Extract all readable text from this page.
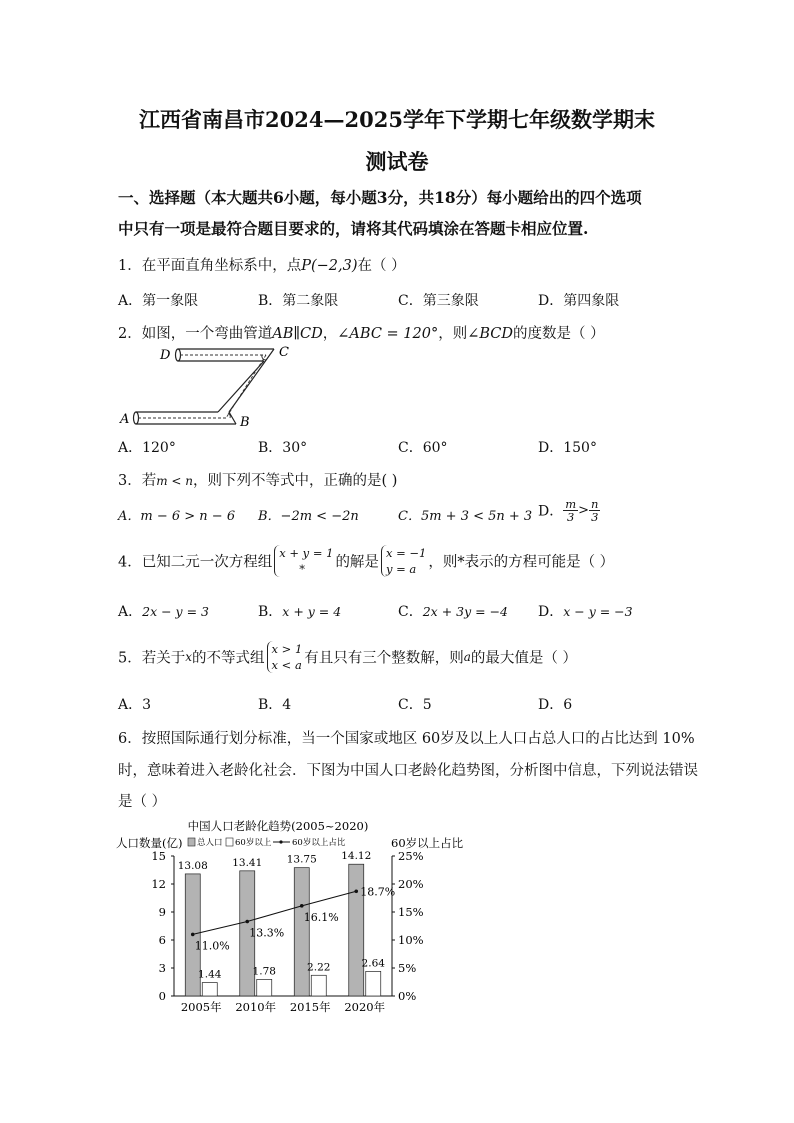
江西省南昌市2024—2025学年下学期七年级数学期末
测试卷
一、选择题（本大题共6小题，每小题3分，共18分）每小题给出的四个选项
中只有一项是最符合题目要求的，请将其代码填涂在答题卡相应位置.
1．在平面直角坐标系中，点P(−2,3)在（ ）
A．第一象限	B．第二象限	C．第三象限	D．第四象限
2．如图，一个弯曲管道AB∥CD，∠ABC = 120°，则∠BCD的度数是（ ）
D	C
A	B
A．120°	B．30°	C．60°	D．150°
3．若m < n，则下列不等式中，正确的是( )
A．m − 6 > n − 6 B．−2m < −2n	C．5m + 3 < 5n + 3 D． $\frac{m}{3} > \frac{n}{3}$
4．已知二元一次方程组
x + y = 1
*	的解是
x = −1
y = a ，则*表示的方程可能是（ ）
A．2x − y = 3	B．x + y = 4	C．2x + 3y = −4 D．x − y = −3
5．若关于x的不等式组
x > 1
x < a 有且只有三个整数解，则a的最大值是（ ）
A．3	B．4	C．5	D．6
6．按照国际通行划分标准，当一个国家或地区 60岁及以上人口占总人口的占比达到 10%
时，意味着进入老龄化社会．下图为中国人口老龄化趋势图，分析图中信息，下列说法错误
是（ ）
中国人口老龄化趋势(2005~2020)
人口数量(亿)	60岁以上占比
总人口 60岁以上 60岁以上占比
0
3
6
9
12
15
0%
5%
10%
15%
20%
25%
2005年 2010年 2015年 2020年
13.08
1.44
13.41
1.78
13.75
2.22
14.12
2.64
11.0%
13.3%
16.1%
18.7%
